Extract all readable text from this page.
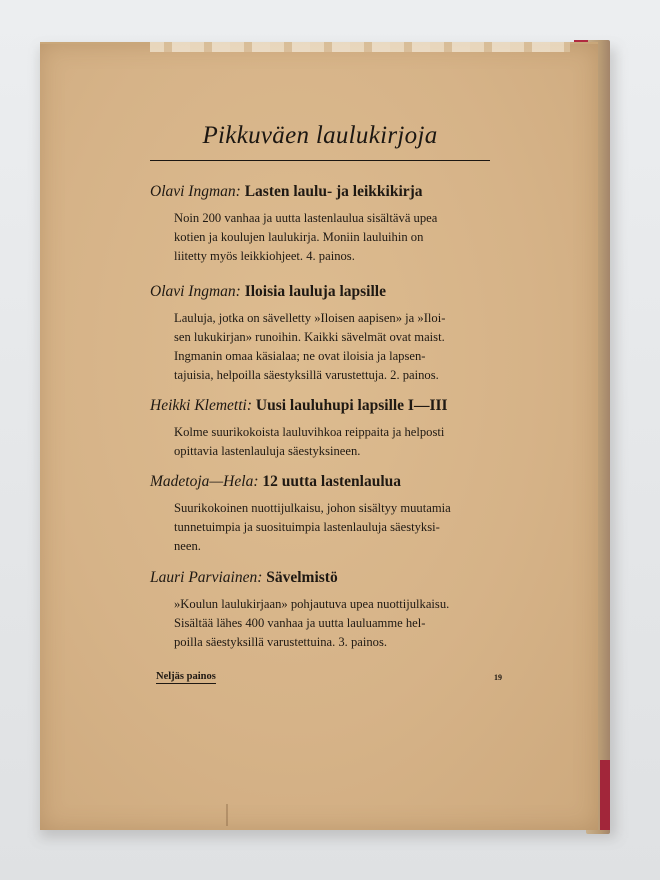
Pikkuväen laulukirjoja
Olavi Ingman: Lasten laulu- ja leikkikirja
Noin 200 vanhaa ja uutta lastenlaulua sisältävä upea
kotien ja koulujen laulukirja. Moniin lauluihin on
liitetty myös leikkiohjeet. 4. painos.
Olavi Ingman: Iloisia lauluja lapsille
Lauluja, jotka on sävelletty »Iloisen aapisen» ja »Iloi-
sen lukukirjan» runoihin. Kaikki sävelmät ovat maist.
Ingmanin omaa käsialaa; ne ovat iloisia ja lapsen-
tajuisia, helpoilla säestyksillä varustettuja. 2. painos.
Heikki Klemetti: Uusi lauluhupi lapsille I—III
Kolme suurikokoista lauluvihkoa reippaita ja helposti
opittavia lastenlauluja säestyksineen.
Madetoja—Hela: 12 uutta lastenlaulua
Suurikokoinen nuottijulkaisu, johon sisältyy muutamia
tunnetuimpia ja suosituimpia lastenlauluja säestyksi-
neen.
Lauri Parviainen: Sävelmistö
»Koulun laulukirjaan» pohjautuva upea nuottijulkaisu.
Sisältää lähes 400 vanhaa ja uutta lauluamme hel-
poilla säestyksillä varustettuina. 3. painos.
Neljäs painos	19
